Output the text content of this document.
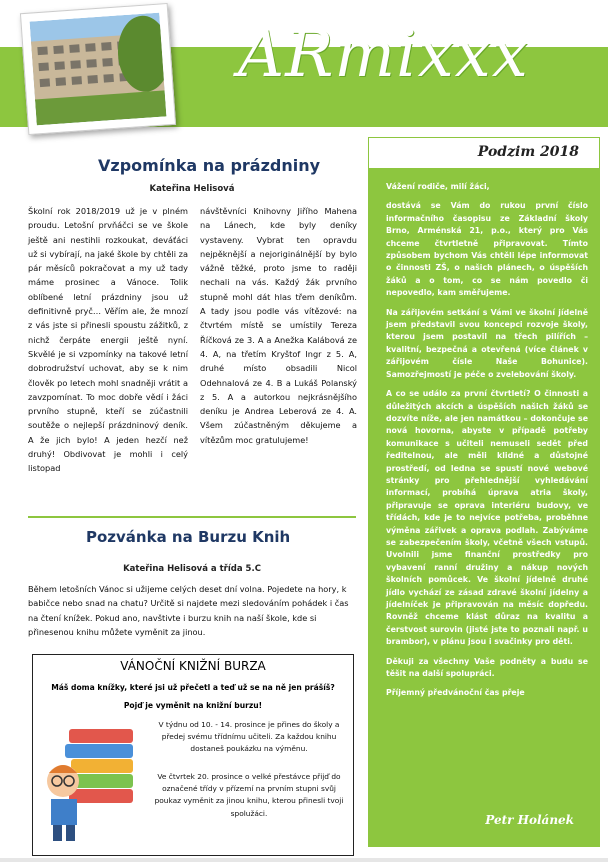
ARmixxx
Vzpomínka na prázdniny
Kateřina Helisová

Školní rok 2018/2019 už je v plném proudu. Letošní prvňáčci se ve škole ještě ani nestihli rozkoukat, deváťáci už si vybírají, na jaké škole by chtěli za pár měsíců pokračovat a my už tady máme prosinec a Vánoce. Tolik oblíbené letní prázdniny jsou už definitivně pryč… Věřím ale, že mnozí z vás jste si přinesli spoustu zážitků, z nichž čerpáte energii ještě nyní. Skvělé je si vzpomínky na takové letní dobrodružství uchovat, aby se k nim člověk po letech mohl snadněji vrátit a zavzpomínat. To moc dobře vědí i žáci prvního stupně, kteří se zúčastnili soutěže o nejlepší prázdninový deník. A že jich bylo! A jeden hezčí než druhý! Obdivovat je mohli i celý listopad

návštěvníci Knihovny Jiřího Mahena na Lánech, kde byly deníky vystaveny. Vybrat ten opravdu nejpěknější a nejoriginálnější by bylo vážně těžké, proto jsme to raději nechali na vás. Každý žák prvního stupně mohl dát hlas třem deníkům. A tady jsou podle vás vítězové: na čtvrtém místě se umístily Tereza Říčková ze 3. A a Anežka Kalábová ze 4. A, na třetím Kryštof Ingr z 5. A, druhé místo obsadili Nicol Odehnalová ze 4. B a Lukáš Polanský z 5. A a autorkou nejkrásnějšího deníku je Andrea Leberová ze 4. A. Všem zúčastněným děkujeme a vítězům moc gratulujeme!

Pozvánka na Burzu Knih
Kateřina Helisová a třída 5.C
Během letošních Vánoc si užijeme celých deset dní volna. Pojedete na hory, k babičce nebo snad na chatu? Určitě si najdete mezi sledováním pohádek i čas na čtení knížek. Pokud ano, navštivte i burzu knih na naší škole, kde si přinesenou knihu můžete vyměnit za jinou.
VÁNOČNÍ KNIŽNÍ BURZA
Máš doma knížky, které jsi už přečetl a teď už se na ně jen prášíš?
Pojď je vyměnit na knižní burzu!
V týdnu od 10. - 14. prosince je přines do školy a předej svému třídnímu učiteli. Za každou knihu dostaneš poukázku na výměnu.
Ve čtvrtek 20. prosince o velké přestávce přijď do označené třídy v přízemí na prvním stupni svůj poukaz vyměnit za jinou knihu, kterou přinesli tvoji spolužáci.
Podzim 2018

Vážení rodiče, milí žáci,

dostává se Vám do rukou první číslo informačního časopisu ze Základní školy Brno, Arménská 21, p.o., který pro Vás chceme čtvrtletně připravovat. Tímto způsobem bychom Vás chtěli lépe informovat o činnosti ZŠ, o našich plánech, o úspěších žáků a o tom, co se nám povedlo či nepovedlo, kam směřujeme.

Na zářijovém setkání s Vámi ve školní jídelně jsem představil svou koncepci rozvoje školy, kterou jsem postavil na třech pilířích – kvalitní, bezpečná a otevřená (více článek v zářijovém čísle Naše Bohunice). Samozřejmostí je péče o zvelebování školy.

A co se událo za první čtvrtletí? O činnosti a důležitých akcích a úspěších našich žáků se dozvíte níže, ale jen namátkou – dokončuje se nová hovorna, abyste v případě potřeby komunikace s učiteli nemuseli sedět před ředitelnou, ale měli klidné a důstojné prostředí, od ledna se spustí nové webové stránky pro přehlednější vyhledávání informací, probíhá úprava atria školy, připravuje se oprava interiéru budovy, ve třídách, kde je to nejvíce potřeba, proběhne výměna zářivek a oprava podlah. Zabýváme se zabezpečením školy, včetně všech vstupů. Uvolnili jsme finanční prostředky pro vybavení ranní družiny a nákup nových školních pomůcek. Ve školní jídelně druhé jídlo vychází ze zásad zdravé školní jídelny a jídelníček je připravován na měsíc dopředu. Rovněž chceme klást důraz na kvalitu a čerstvost surovin (jisté jste to poznali např. u brambor), v plánu jsou i svačinky pro děti.

Děkuji za všechny Vaše podněty a budu se těšit na další spolupráci.

Příjemný předvánoční čas přeje

Petr Holánek
